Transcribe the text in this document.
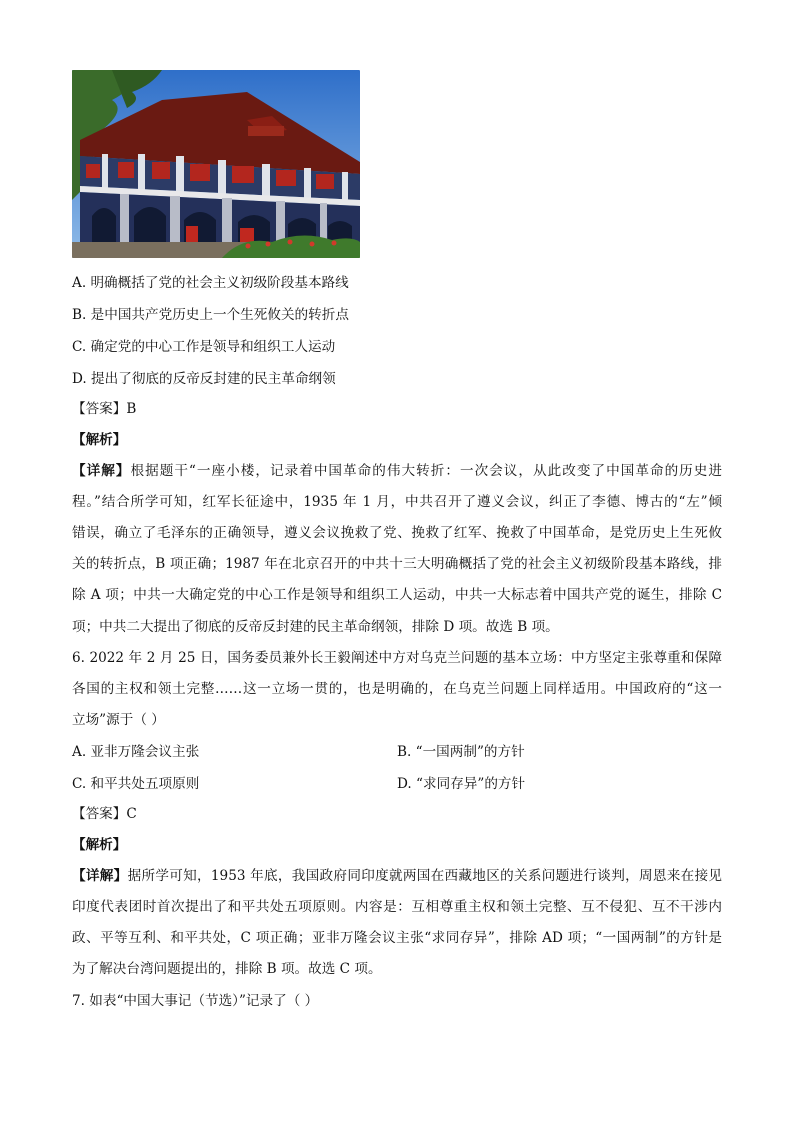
A. 明确概括了党的社会主义初级阶段基本路线
B. 是中国共产党历史上一个生死攸关的转折点
C. 确定党的中心工作是领导和组织工人运动
D. 提出了彻底的反帝反封建的民主革命纲领
【答案】B
【解析】
【详解】根据题干“一座小楼，记录着中国革命的伟大转折：一次会议，从此改变了中国革命的历史进
程。”结合所学可知，红军长征途中，1935 年 1 月，中共召开了遵义会议，纠正了李德、博古的“左”倾
错误，确立了毛泽东的正确领导，遵义会议挽救了党、挽救了红军、挽救了中国革命，是党历史上生死攸
关的转折点，B 项正确；1987 年在北京召开的中共十三大明确概括了党的社会主义初级阶段基本路线，排
除 A 项；中共一大确定党的中心工作是领导和组织工人运动，中共一大标志着中国共产党的诞生，排除 C
项；中共二大提出了彻底的反帝反封建的民主革命纲领，排除 D 项。故选 B 项。
6. 2022 年 2 月 25 日，国务委员兼外长王毅阐述中方对乌克兰问题的基本立场：中方坚定主张尊重和保障
各国的主权和领土完整……这一立场一贯的，也是明确的，在乌克兰问题上同样适用。中国政府的“这一
立场”源于（ ）
A. 亚非万隆会议主张	B. “一国两制”的方针
C. 和平共处五项原则	D. “求同存异”的方针
【答案】C
【解析】
【详解】据所学可知，1953 年底，我国政府同印度就两国在西藏地区的关系问题进行谈判，周恩来在接见
印度代表团时首次提出了和平共处五项原则。内容是：互相尊重主权和领土完整、互不侵犯、互不干涉内
政、平等互利、和平共处，C 项正确；亚非万隆会议主张“求同存异”，排除 AD 项；“一国两制”的方针是
为了解决台湾问题提出的，排除 B 项。故选 C 项。
7. 如表“中国大事记（节选）”记录了（ ）
